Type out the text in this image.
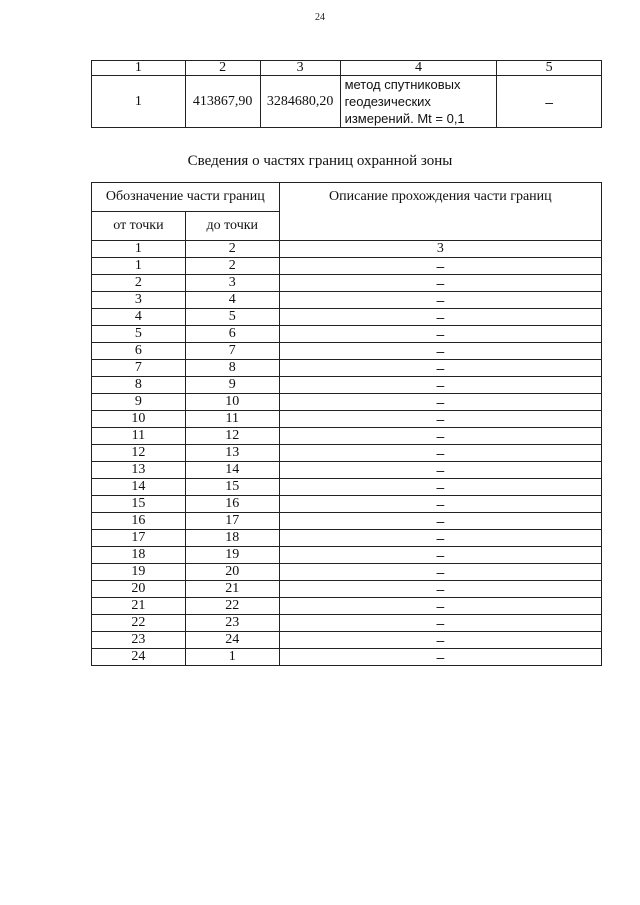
24
1	2	3	4	5
1	413867,90	3284680,20	метод спутниковых
геодезических
измерений. Mt = 0,1	–
Сведения о частях границ охранной зоны
Обозначение части границ		Описание прохождения части границ
от точки	до точки	
1	2	3
1	2	–
2	3	–
3	4	–
4	5	–
5	6	–
6	7	–
7	8	–
8	9	–
9	10	–
10	11	–
11	12	–
12	13	–
13	14	–
14	15	–
15	16	–
16	17	–
17	18	–
18	19	–
19	20	–
20	21	–
21	22	–
22	23	–
23	24	–
24	1	–
